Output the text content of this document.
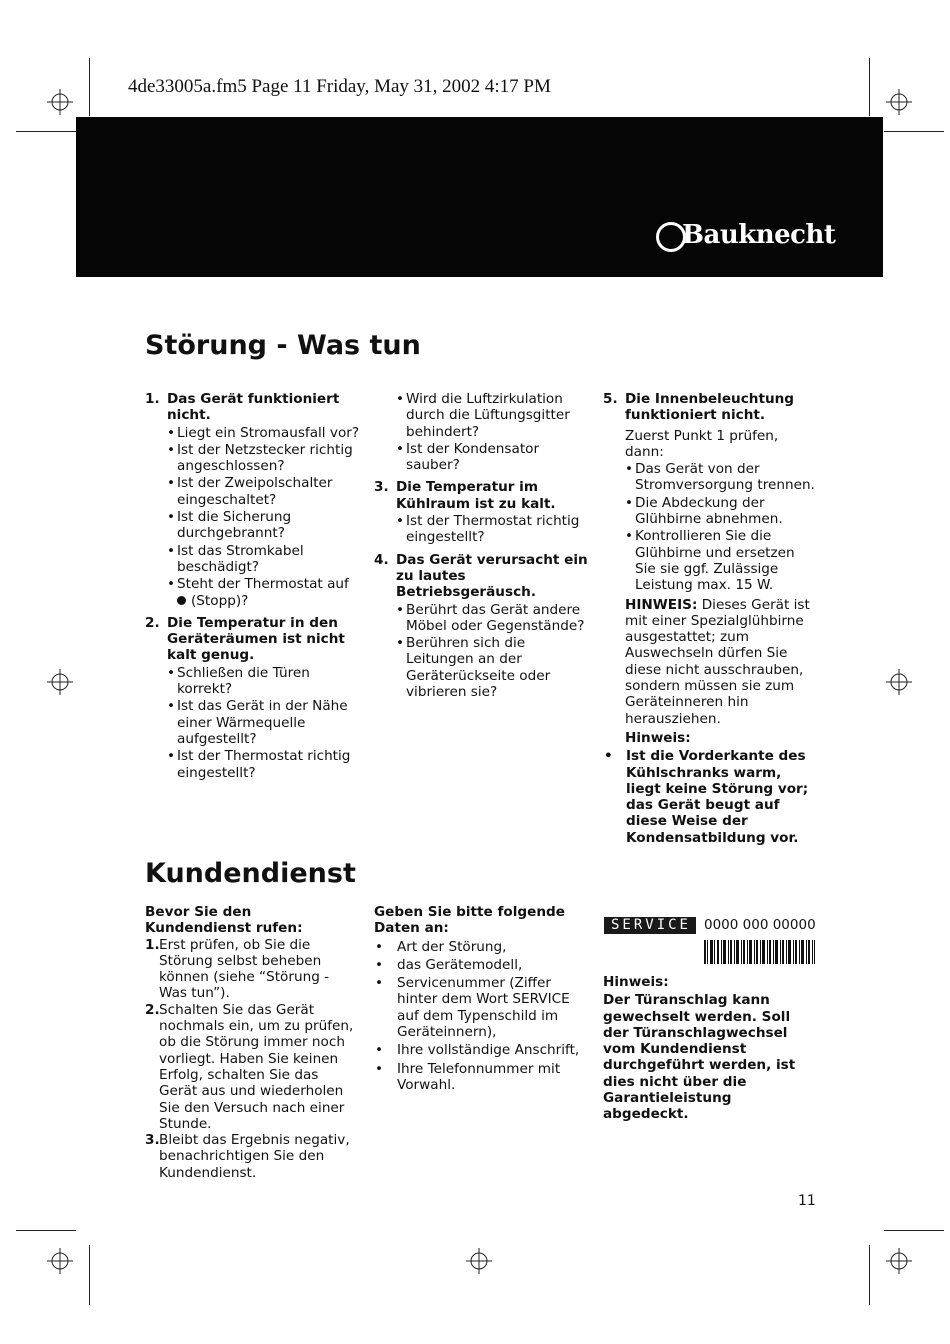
4de33005a.fm5 Page 11 Friday, May 31, 2002 4:17 PM
Bauknecht
Störung - Was tun

1. Das Gerät funktioniert nicht.

• Liegt ein Stromausfall vor?

• Ist der Netzstecker richtig angeschlossen?

• Ist der Zweipolschalter eingeschaltet?

• Ist die Sicherung durchgebrannt?

• Ist das Stromkabel beschädigt?

• Steht der Thermostat auf
(Stopp)?

2. Die Temperatur in den Geräteräumen ist nicht kalt genug.

• Schließen die Türen korrekt?

• Ist das Gerät in der Nähe einer Wärmequelle aufgestellt?

• Ist der Thermostat richtig eingestellt?

• Wird die Luftzirkulation durch die Lüftungsgitter behindert?

• Ist der Kondensator sauber?

3. Die Temperatur im Kühlraum ist zu kalt.

• Ist der Thermostat richtig eingestellt?

4. Das Gerät verursacht ein zu lautes Betriebsgeräusch.

• Berührt das Gerät andere Möbel oder Gegenstände?

• Berühren sich die Leitungen an der Geräterückseite oder vibrieren sie?

5. Die Innenbeleuchtung funktioniert nicht.

Zuerst Punkt 1 prüfen, dann:

• Das Gerät von der Stromversorgung trennen.

• Die Abdeckung der Glühbirne abnehmen.

• Kontrollieren Sie die Glühbirne und ersetzen Sie sie ggf. Zulässige Leistung max. 15 W.

HINWEIS: Dieses Gerät ist mit einer Spezialglühbirne ausgestattet; zum Auswechseln dürfen Sie diese nicht ausschrauben, sondern müssen sie zum Geräteinneren hin herausziehen.

Hinweis:

• Ist die Vorderkante des Kühlschranks warm, liegt keine Störung vor; das Gerät beugt auf diese Weise der Kondensatbildung vor.

Kundendienst

Bevor Sie den Kundendienst rufen:

1. Erst prüfen, ob Sie die Störung selbst beheben können (siehe “Störung - Was tun”).

2. Schalten Sie das Gerät nochmals ein, um zu prüfen, ob die Störung immer noch vorliegt. Haben Sie keinen Erfolg, schalten Sie das Gerät aus und wiederholen Sie den Versuch nach einer Stunde.

3. Bleibt das Ergebnis negativ, benachrichtigen Sie den Kundendienst.

Geben Sie bitte folgende Daten an:

• Art der Störung,

• das Gerätemodell,

• Servicenummer (Ziffer hinter dem Wort SERVICE auf dem Typenschild im Geräteinnern),

• Ihre vollständige Anschrift,

• Ihre Telefonnummer mit Vorwahl.

SERVICE 0000 000 00000

Hinweis:

Der Türanschlag kann gewechselt werden. Soll der Türanschlagwechsel vom Kundendienst durchgeführt werden, ist dies nicht über die Garantieleistung abgedeckt.

11
